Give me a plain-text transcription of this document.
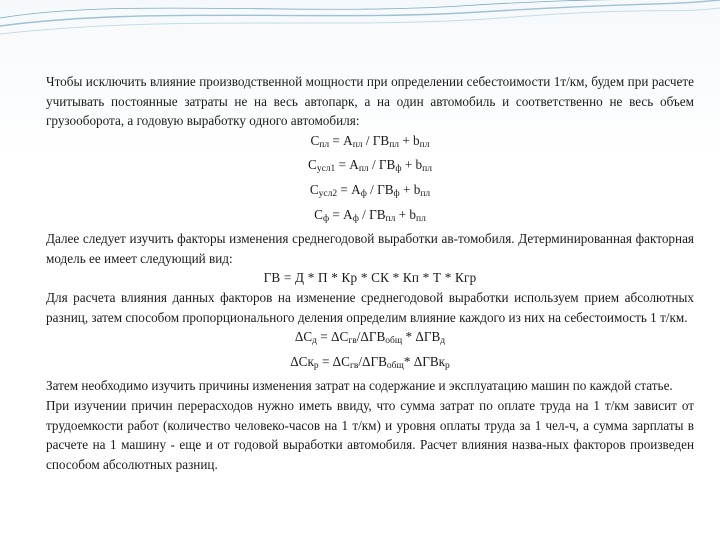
Чтобы исключить влияние производственной мощности при определении себестоимости 1т/км, будем при расчете учитывать постоянные затраты не на весь автопарк, а на один автомобиль и соответственно не весь объем грузооборота, а годовую выработку одного автомобиля:

$С_{пл} = А_{пл} / ГВ_{пл} + b_{пл}$

$С_{усл1} = А_{пл} / ГВ_ф + b_{пл}$

$С_{усл2} = А_ф / ГВ_ф + b_{пл}$

$С_ф = А_ф / ГВ_{пл} + b_{пл}$

Далее следует изучить факторы изменения среднегодовой выработки ав-томобиля. Детерминированная факторная модель ее имеет следующий вид:

ГВ = Д * П * Кр * СК * Кп * Т * Кгр

Для расчета влияния данных факторов на изменение среднегодовой выработки используем прием абсолютных разниц, затем способом пропорционального деления определим влияние каждого из них на себестоимость 1 т/км.

$\Delta С_д = \Delta С_{гв}/\Delta ГВ_{общ} * \Delta ГВ_д$

$\Delta Ск_р = \Delta С_{гв}/\Delta ГВ_{общ}*$ ΔГВк$_р$

Затем необходимо изучить причины изменения затрат на содержание и эксплуатацию машин по каждой статье.

При изучении причин перерасходов нужно иметь ввиду, что сумма затрат по оплате труда на 1 т/км зависит от трудоемкости работ (количество человеко-часов на 1 т/км) и уровня оплаты труда за 1 чел-ч, а сумма зарплаты в расчете на 1 машину - еще и от годовой выработки автомобиля. Расчет влияния назва-ных факторов произведен способом абсолютных разниц.
